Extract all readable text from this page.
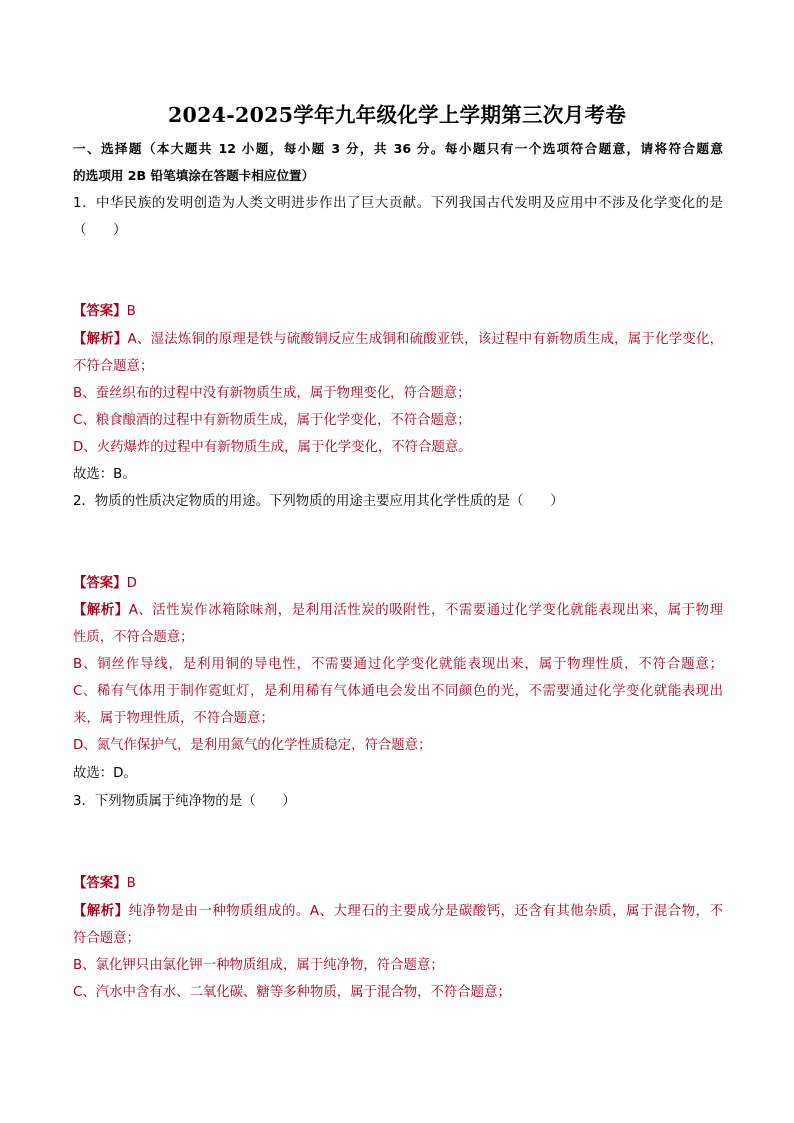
2024-2025学年九年级化学上学期第三次月考卷
一、选择题（本大题共 12 小题，每小题 3 分，共 36 分。每小题只有一个选项符合题意，请将符合题意
的选项用 2B 铅笔填涂在答题卡相应位置）
1．中华民族的发明创造为人类文明进步作出了巨大贡献。下列我国古代发明及应用中不涉及化学变化的是
（　　）
【答案】B
【解析】A、湿法炼铜的原理是铁与硫酸铜反应生成铜和硫酸亚铁，该过程中有新物质生成，属于化学变化，
不符合题意；
B、蚕丝织布的过程中没有新物质生成，属于物理变化，符合题意；
C、粮食酿酒的过程中有新物质生成，属于化学变化，不符合题意；
D、火药爆炸的过程中有新物质生成，属于化学变化，不符合题意。
故选：B。
2．物质的性质决定物质的用途。下列物质的用途主要应用其化学性质的是（　　）
【答案】D
【解析】A、活性炭作冰箱除味剂，是利用活性炭的吸附性，不需要通过化学变化就能表现出来，属于物理
性质，不符合题意；
B、铜丝作导线，是利用铜的导电性，不需要通过化学变化就能表现出来，属于物理性质，不符合题意；
C、稀有气体用于制作霓虹灯，是利用稀有气体通电会发出不同颜色的光，不需要通过化学变化就能表现出
来，属于物理性质，不符合题意；
D、氮气作保护气，是利用氮气的化学性质稳定，符合题意；
故选：D。
3．下列物质属于纯净物的是（　　）
【答案】B
【解析】纯净物是由一种物质组成的。A、大理石的主要成分是碳酸钙，还含有其他杂质，属于混合物，不
符合题意；
B、氯化钾只由氯化钾一种物质组成，属于纯净物，符合题意；
C、汽水中含有水、二氧化碳、糖等多种物质，属于混合物，不符合题意；
